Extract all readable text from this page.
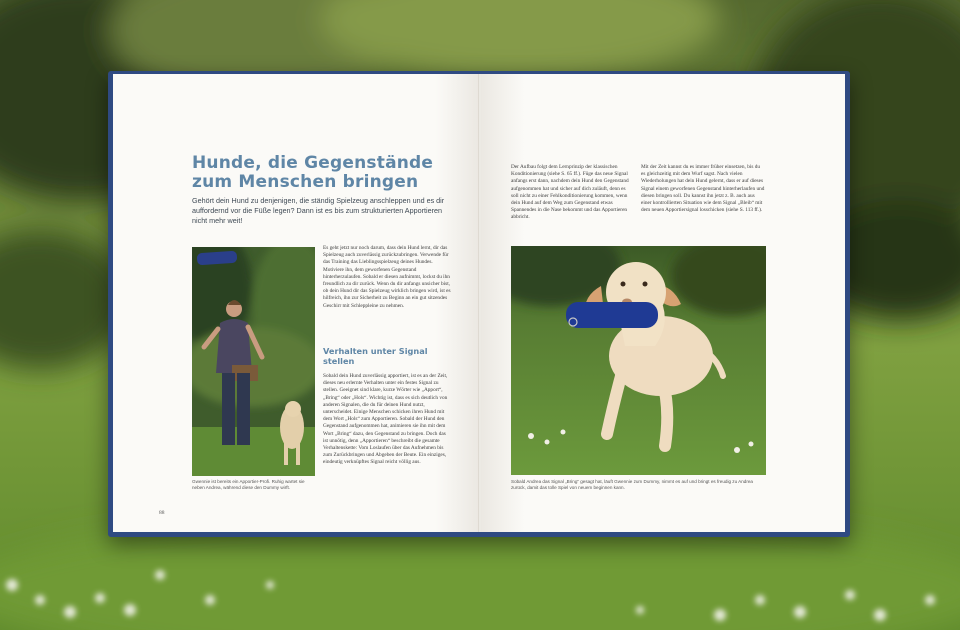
Hunde, die Gegenstände zum Menschen bringen

Gehört dein Hund zu denjenigen, die ständig Spielzeug anschleppen und es dir auffordernd vor die Füße legen? Dann ist es bis zum strukturierten Apportieren nicht mehr weit!

Gwennie ist bereits ein Apportier-Profi. Ruhig wartet sie neben Andrea, während diese den Dummy wirft.

Es geht jetzt nur noch darum, dass dein Hund lernt, dir das Spielzeug auch zuverlässig zurückzubringen. Verwende für das Training das Lieblingsspielzeug deines Hundes. Motiviere ihn, dem geworfenen Gegenstand hinterherzulaufen. Sobald er diesen aufnimmt, lockst du ihn freundlich zu dir zurück. Wenn du dir anfangs unsicher bist, ob dein Hund dir das Spielzeug wirklich bringen wird, ist es hilfreich, ihn zur Sicherheit zu Beginn an ein gut sitzendes Geschirr mit Schleppleine zu nehmen.

Verhalten unter Signal stellen

Sobald dein Hund zuverlässig apportiert, ist es an der Zeit, dieses neu erlernte Verhalten unter ein festes Signal zu stellen. Geeignet sind klare, kurze Wörter wie „Apport“, „Bring“ oder „Hols“. Wichtig ist, dass es sich deutlich von anderen Signalen, die du für deinen Hund nutzt, unterscheidet. Einige Menschen schicken ihren Hund mit dem Wort „Hols“ zum Apportieren. Sobald der Hund den Gegenstand aufgenommen hat, animieren sie ihn mit dem Wort „Bring“ dazu, den Gegenstand zu bringen. Doch das ist unnötig, denn „Apportieren“ beschreibt die gesamte Verhaltenskette: Vom Loslaufen über das Aufnehmen bis zum Zurückbringen und Abgeben der Beute. Ein einziges, eindeutig verknüpftes Signal reicht völlig aus.

88

Der Aufbau folgt dem Lernprinzip der klassischen Konditionierung (siehe S. 65 ff.). Füge das neue Signal anfangs erst dann, nachdem dein Hund den Gegenstand aufgenommen hat und sicher auf dich zuläuft, denn es soll nicht zu einer Fehlkonditionierung kommen, wenn dein Hund auf dem Weg zum Gegenstand etwas Spannendes in die Nase bekommt und das Apportieren abbricht.

Mit der Zeit kannst du es immer früher einsetzen, bis du es gleichzeitig mit dem Wurf sagst. Nach vielen Wiederholungen hat dein Hund gelernt, dass er auf dieses Signal einem geworfenen Gegenstand hinterherlaufen und diesen bringen soll. Du kannst ihn jetzt z. B. auch aus einer kontrollierten Situation wie dem Signal „Bleib“ mit dem neuen Apportiersignal losschicken (siehe S. 113 ff.).

Sobald Andrea das Signal „Bring“ gesagt hat, läuft Gwennie zum Dummy, nimmt es auf und bringt es freudig zu Andrea zurück, damit das tolle Spiel von neuem beginnen kann.
